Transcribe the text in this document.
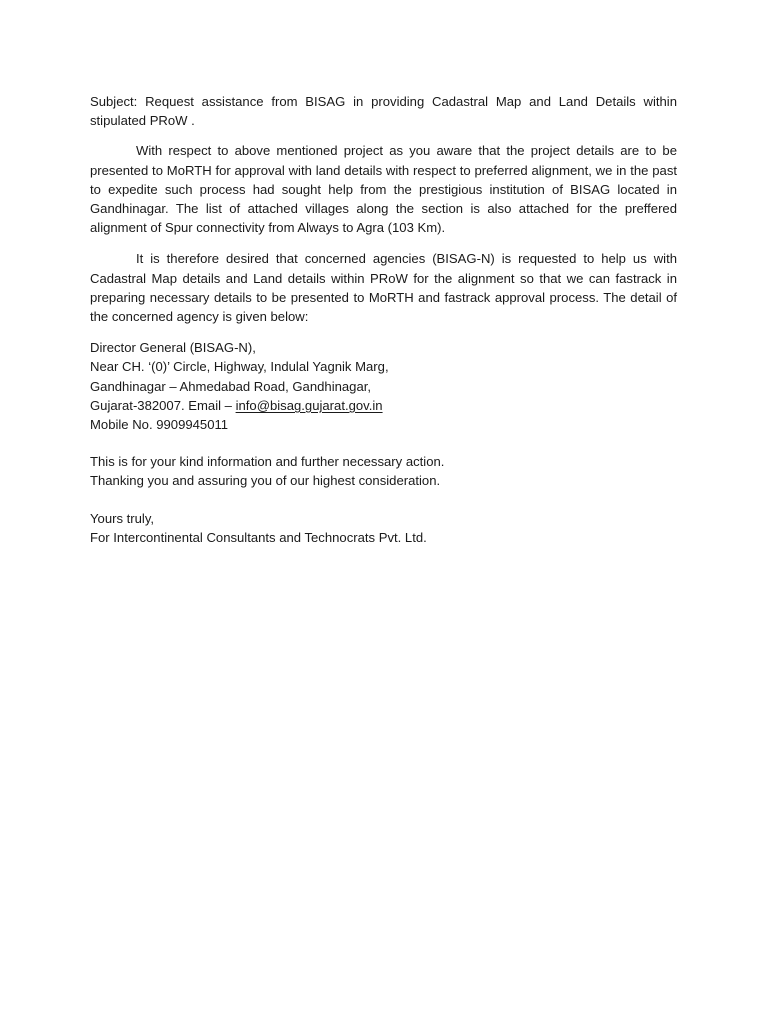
Subject: Request assistance from BISAG in providing Cadastral Map and Land Details within stipulated PRoW .

With respect to above mentioned project as you aware that the project details are to be presented to MoRTH for approval with land details with respect to preferred alignment, we in the past to expedite such process had sought help from the prestigious institution of BISAG located in Gandhinagar. The list of attached villages along the section is also attached for the preffered alignment of Spur connectivity from Always to Agra (103 Km).

It is therefore desired that concerned agencies (BISAG-N) is requested to help us with Cadastral Map details and Land details within PRoW for the alignment so that we can fastrack in preparing necessary details to be presented to MoRTH and fastrack approval process. The detail of the concerned agency is given below:

Director General (BISAG-N),
Near CH. ‘(0)’ Circle, Highway, Indulal Yagnik Marg,
Gandhinagar – Ahmedabad Road, Gandhinagar,
Gujarat-382007. Email – info@bisag.gujarat.gov.in
Mobile No. 9909945011
This is for your kind information and further necessary action.
Thanking you and assuring you of our highest consideration.
Yours truly,
For Intercontinental Consultants and Technocrats Pvt. Ltd.
